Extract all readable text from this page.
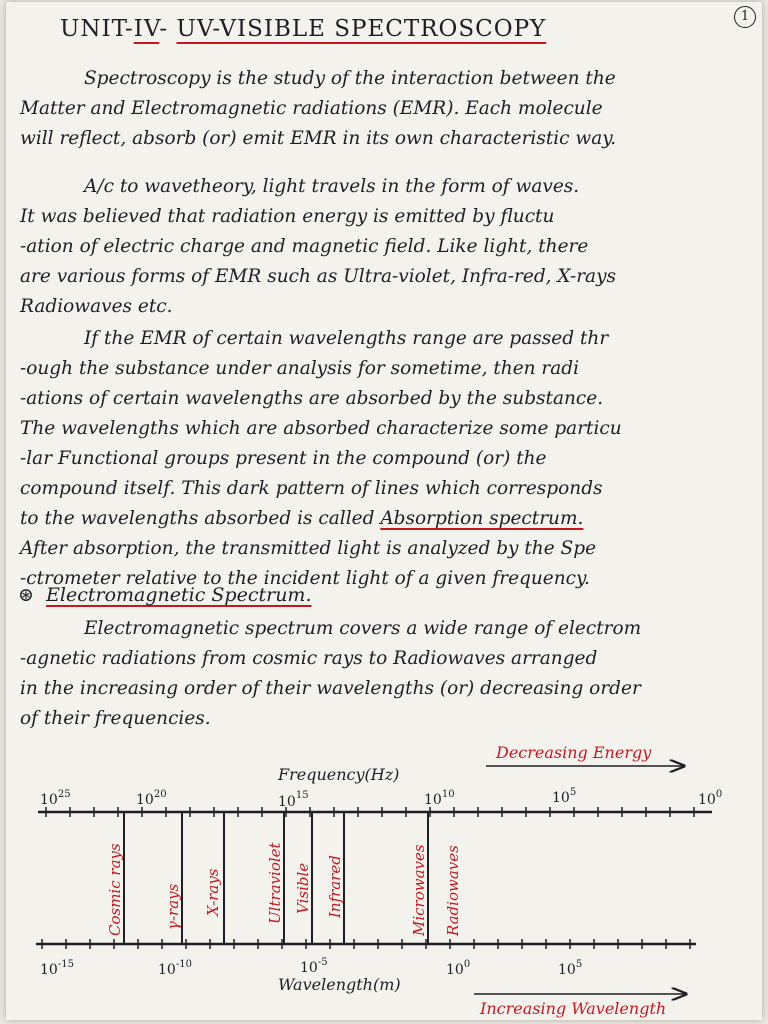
1
UNIT-IV- UV-VISIBLE SPECTROSCOPY
Spectroscopy is the study of the interaction between the
Matter and Electromagnetic radiations (EMR). Each molecule
will reflect, absorb (or) emit EMR in its own characteristic way.
A/c to wavetheory, light travels in the form of waves.
It was believed that radiation energy is emitted by fluctu
-ation of electric charge and magnetic field. Like light, there
are various forms of EMR such as Ultra-violet, Infra-red, X-rays
Radiowaves etc.
If the EMR of certain wavelengths range are passed thr
-ough the substance under analysis for sometime, then radi
-ations of certain wavelengths are absorbed by the substance.
The wavelengths which are absorbed characterize some particu
-lar Functional groups present in the compound (or) the
compound itself. This dark pattern of lines which corresponds
to the wavelengths absorbed is called Absorption spectrum.
After absorption, the transmitted light is analyzed by the Spe
-ctrometer relative to the incident light of a given frequency.
⊛ Electromagnetic Spectrum.
Electromagnetic spectrum covers a wide range of electrom
-agnetic radiations from cosmic rays to Radiowaves arranged
in the increasing order of their wavelengths (or) decreasing order
of their frequencies.
Decreasing Energy
Frequency(Hz)
$10^{25}$	$10^{20}$	$10^{15}$	$10^{10}$	$10^5$	$10^0$
Cosmic rays	γ-rays X-rays	Ultraviolet Visible Infrared	Microwaves Radiowaves
$10^{-15}$	$10^{-10}$	$10^{-5}$	$10^0$	$10^5$
Wavelength(m)
Increasing Wavelength
